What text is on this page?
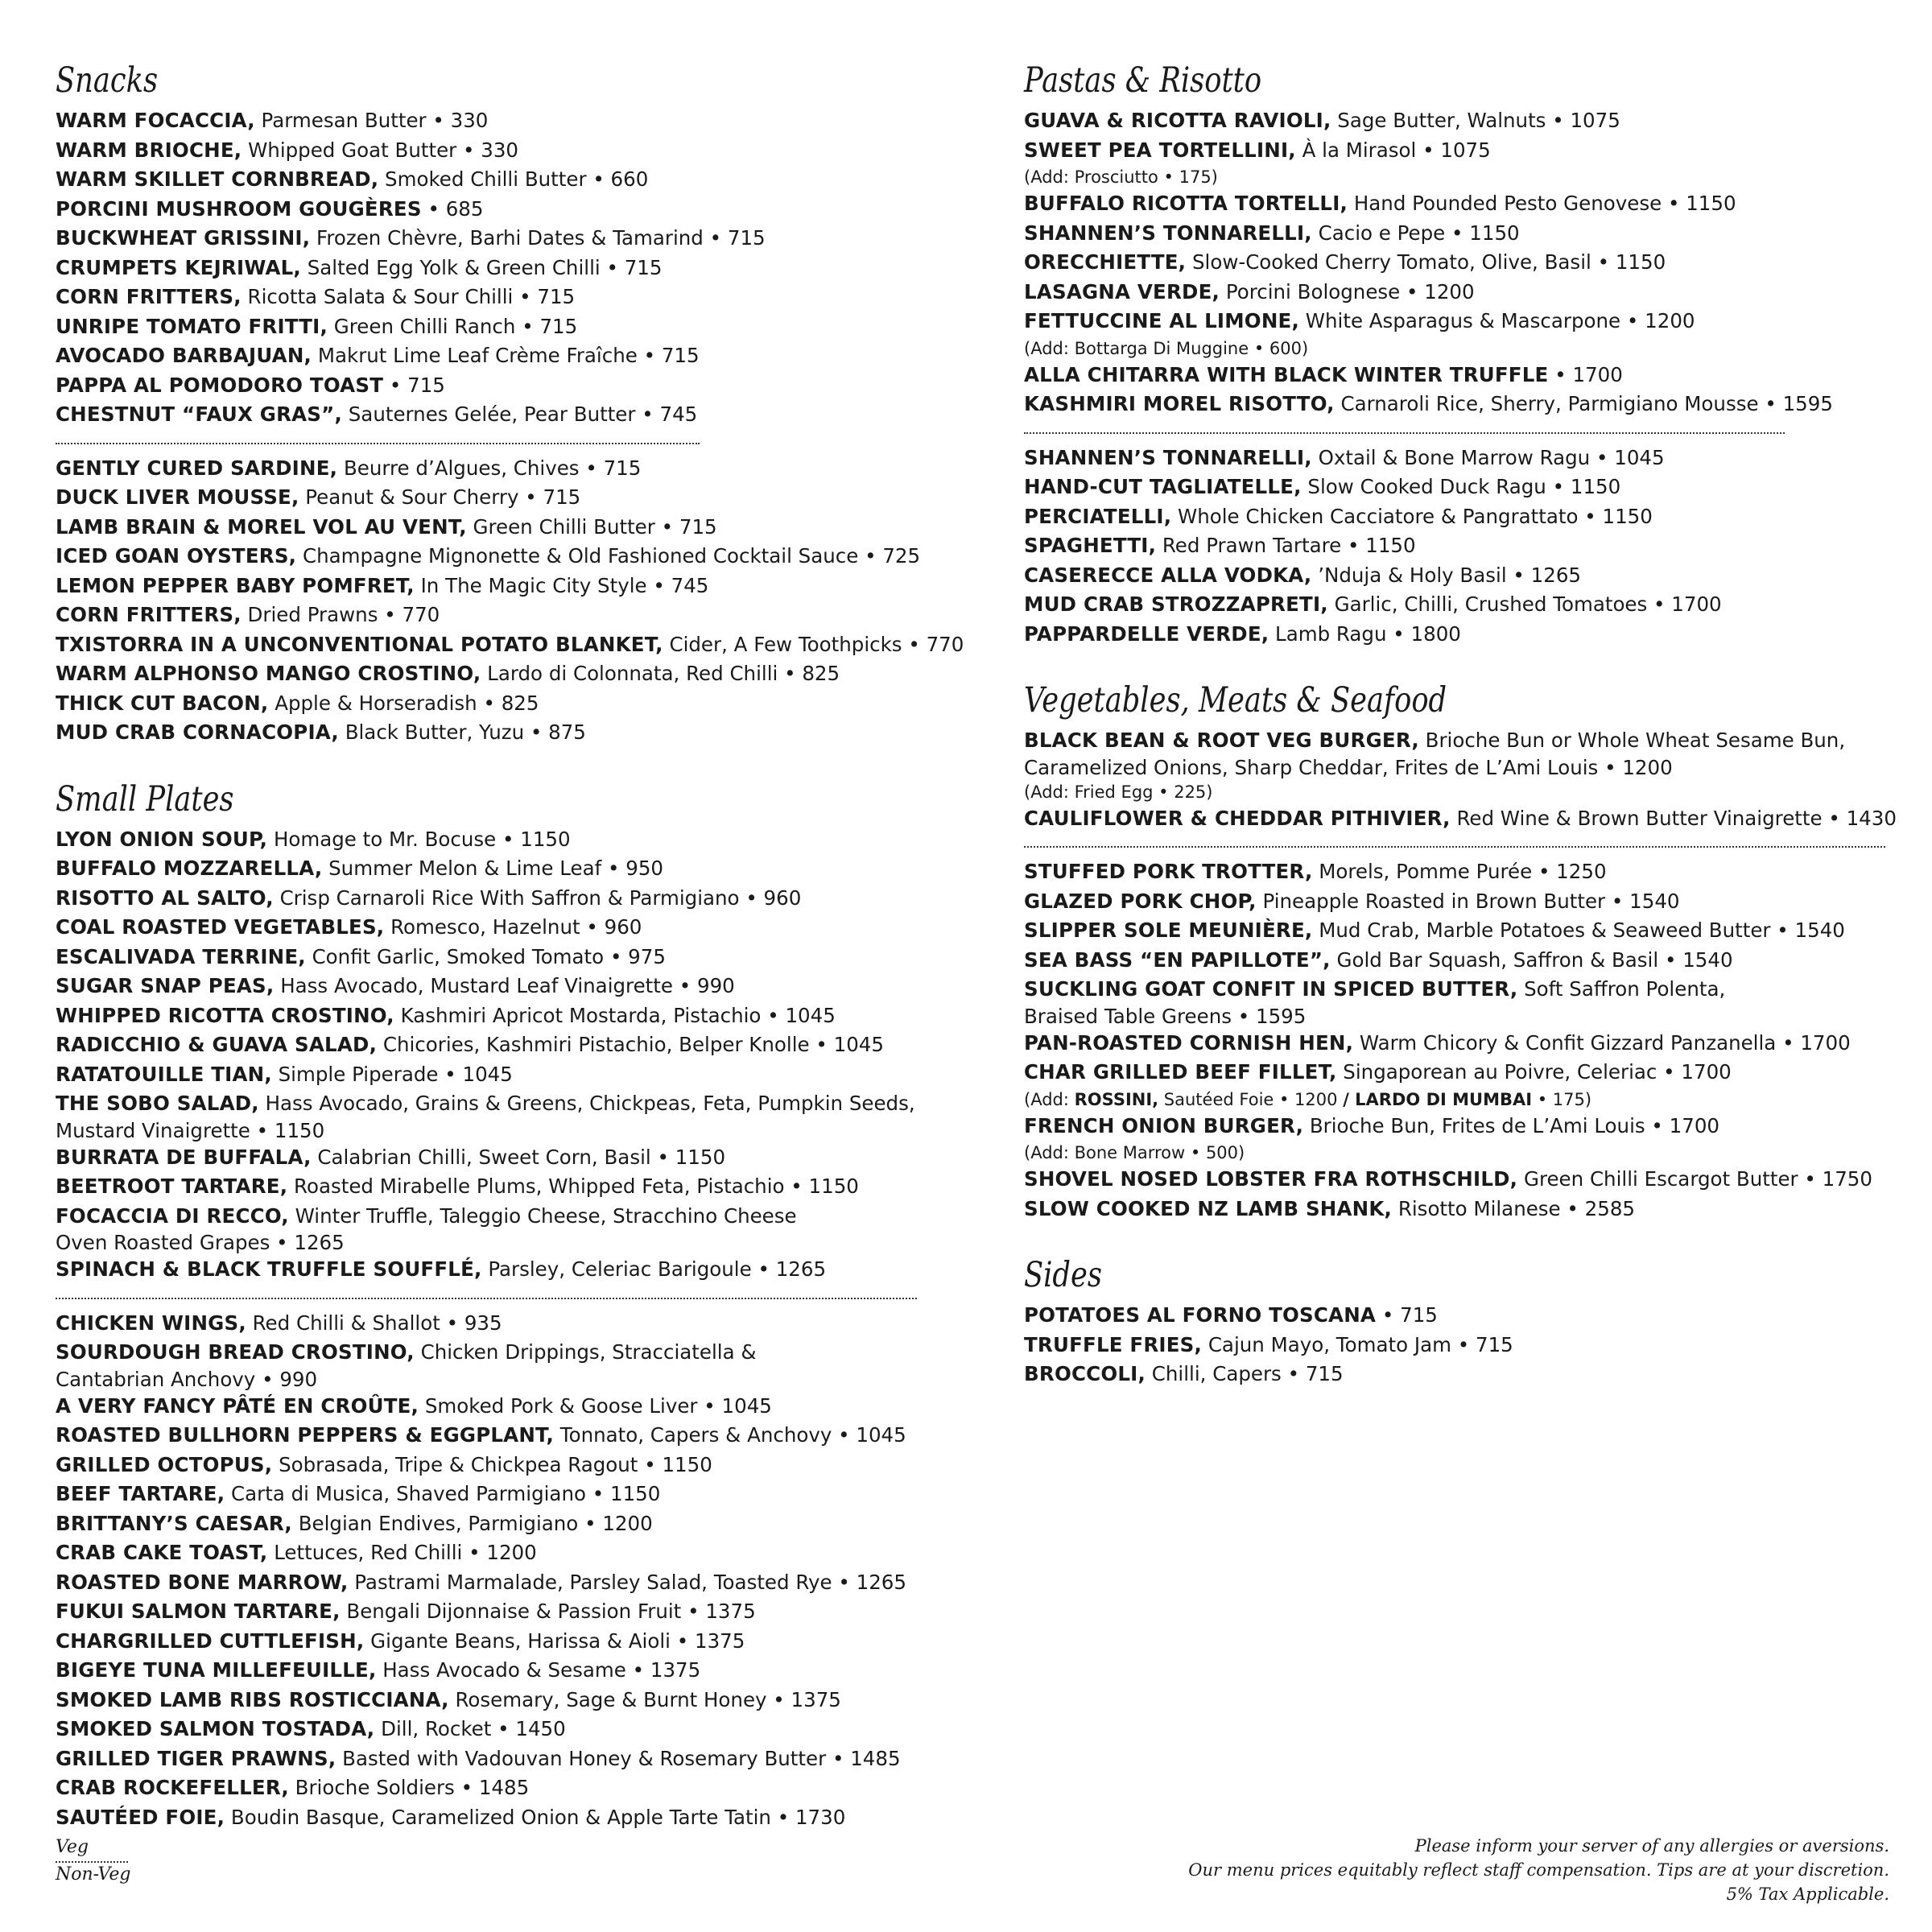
Snacks
WARM FOCACCIA, Parmesan Butter • 330
WARM BRIOCHE, Whipped Goat Butter • 330
WARM SKILLET CORNBREAD, Smoked Chilli Butter • 660
PORCINI MUSHROOM GOUGÈRES • 685
BUCKWHEAT GRISSINI, Frozen Chèvre, Barhi Dates & Tamarind • 715
CRUMPETS KEJRIWAL, Salted Egg Yolk & Green Chilli • 715
CORN FRITTERS, Ricotta Salata & Sour Chilli • 715
UNRIPE TOMATO FRITTI, Green Chilli Ranch • 715
AVOCADO BARBAJUAN, Makrut Lime Leaf Crème Fraîche • 715
PAPPA AL POMODORO TOAST • 715
CHESTNUT “FAUX GRAS”, Sauternes Gelée, Pear Butter • 745
GENTLY CURED SARDINE, Beurre d’Algues, Chives • 715
DUCK LIVER MOUSSE, Peanut & Sour Cherry • 715
LAMB BRAIN & MOREL VOL AU VENT, Green Chilli Butter • 715
ICED GOAN OYSTERS, Champagne Mignonette & Old Fashioned Cocktail Sauce • 725
LEMON PEPPER BABY POMFRET, In The Magic City Style • 745
CORN FRITTERS, Dried Prawns • 770
TXISTORRA IN A UNCONVENTIONAL POTATO BLANKET, Cider, A Few Toothpicks • 770
WARM ALPHONSO MANGO CROSTINO, Lardo di Colonnata, Red Chilli • 825
THICK CUT BACON, Apple & Horseradish • 825
MUD CRAB CORNACOPIA, Black Butter, Yuzu • 875
Small Plates
LYON ONION SOUP, Homage to Mr. Bocuse • 1150
BUFFALO MOZZARELLA, Summer Melon & Lime Leaf • 950
RISOTTO AL SALTO, Crisp Carnaroli Rice With Saffron & Parmigiano • 960
COAL ROASTED VEGETABLES, Romesco, Hazelnut • 960
ESCALIVADA TERRINE, Confit Garlic, Smoked Tomato • 975
SUGAR SNAP PEAS, Hass Avocado, Mustard Leaf Vinaigrette • 990
WHIPPED RICOTTA CROSTINO, Kashmiri Apricot Mostarda, Pistachio • 1045
RADICCHIO & GUAVA SALAD, Chicories, Kashmiri Pistachio, Belper Knolle • 1045
RATATOUILLE TIAN, Simple Piperade • 1045
THE SOBO SALAD, Hass Avocado, Grains & Greens, Chickpeas, Feta, Pumpkin Seeds,
Mustard Vinaigrette • 1150
BURRATA DE BUFFALA, Calabrian Chilli, Sweet Corn, Basil • 1150
BEETROOT TARTARE, Roasted Mirabelle Plums, Whipped Feta, Pistachio • 1150
FOCACCIA DI RECCO, Winter Truffle, Taleggio Cheese, Stracchino Cheese
Oven Roasted Grapes • 1265
SPINACH & BLACK TRUFFLE SOUFFLÉ, Parsley, Celeriac Barigoule • 1265
CHICKEN WINGS, Red Chilli & Shallot • 935
SOURDOUGH BREAD CROSTINO, Chicken Drippings, Stracciatella &
Cantabrian Anchovy • 990
A VERY FANCY PÂTÉ EN CROÛTE, Smoked Pork & Goose Liver • 1045
ROASTED BULLHORN PEPPERS & EGGPLANT, Tonnato, Capers & Anchovy • 1045
GRILLED OCTOPUS, Sobrasada, Tripe & Chickpea Ragout • 1150
BEEF TARTARE, Carta di Musica, Shaved Parmigiano • 1150
BRITTANY’S CAESAR, Belgian Endives, Parmigiano • 1200
CRAB CAKE TOAST, Lettuces, Red Chilli • 1200
ROASTED BONE MARROW, Pastrami Marmalade, Parsley Salad, Toasted Rye • 1265
FUKUI SALMON TARTARE, Bengali Dijonnaise & Passion Fruit • 1375
CHARGRILLED CUTTLEFISH, Gigante Beans, Harissa & Aioli • 1375
BIGEYE TUNA MILLEFEUILLE, Hass Avocado & Sesame • 1375
SMOKED LAMB RIBS ROSTICCIANA, Rosemary, Sage & Burnt Honey • 1375
SMOKED SALMON TOSTADA, Dill, Rocket • 1450
GRILLED TIGER PRAWNS, Basted with Vadouvan Honey & Rosemary Butter • 1485
CRAB ROCKEFELLER, Brioche Soldiers • 1485
SAUTÉED FOIE, Boudin Basque, Caramelized Onion & Apple Tarte Tatin • 1730
Pastas & Risotto
GUAVA & RICOTTA RAVIOLI, Sage Butter, Walnuts • 1075
SWEET PEA TORTELLINI, À la Mirasol • 1075
(Add: Prosciutto • 175)
BUFFALO RICOTTA TORTELLI, Hand Pounded Pesto Genovese • 1150
SHANNEN’S TONNARELLI, Cacio e Pepe • 1150
ORECCHIETTE, Slow-Cooked Cherry Tomato, Olive, Basil • 1150
LASAGNA VERDE, Porcini Bolognese • 1200
FETTUCCINE AL LIMONE, White Asparagus & Mascarpone • 1200
(Add: Bottarga Di Muggine • 600)
ALLA CHITARRA WITH BLACK WINTER TRUFFLE • 1700
KASHMIRI MOREL RISOTTO, Carnaroli Rice, Sherry, Parmigiano Mousse • 1595
SHANNEN’S TONNARELLI, Oxtail & Bone Marrow Ragu • 1045
HAND-CUT TAGLIATELLE, Slow Cooked Duck Ragu • 1150
PERCIATELLI, Whole Chicken Cacciatore & Pangrattato • 1150
SPAGHETTI, Red Prawn Tartare • 1150
CASERECCE ALLA VODKA, ’Nduja & Holy Basil • 1265
MUD CRAB STROZZAPRETI, Garlic, Chilli, Crushed Tomatoes • 1700
PAPPARDELLE VERDE, Lamb Ragu • 1800
Vegetables, Meats & Seafood
BLACK BEAN & ROOT VEG BURGER, Brioche Bun or Whole Wheat Sesame Bun,
Caramelized Onions, Sharp Cheddar, Frites de L’Ami Louis • 1200
(Add: Fried Egg • 225)
CAULIFLOWER & CHEDDAR PITHIVIER, Red Wine & Brown Butter Vinaigrette • 1430
STUFFED PORK TROTTER, Morels, Pomme Purée • 1250
GLAZED PORK CHOP, Pineapple Roasted in Brown Butter • 1540
SLIPPER SOLE MEUNIÈRE, Mud Crab, Marble Potatoes & Seaweed Butter • 1540
SEA BASS “EN PAPILLOTE”, Gold Bar Squash, Saffron & Basil • 1540
SUCKLING GOAT CONFIT IN SPICED BUTTER, Soft Saffron Polenta,
Braised Table Greens • 1595
PAN-ROASTED CORNISH HEN, Warm Chicory & Confit Gizzard Panzanella • 1700
CHAR GRILLED BEEF FILLET, Singaporean au Poivre, Celeriac • 1700
(Add: ROSSINI, Sautéed Foie • 1200 / LARDO DI MUMBAI • 175)
FRENCH ONION BURGER, Brioche Bun, Frites de L’Ami Louis • 1700
(Add: Bone Marrow • 500)
SHOVEL NOSED LOBSTER FRA ROTHSCHILD, Green Chilli Escargot Butter • 1750
SLOW COOKED NZ LAMB SHANK, Risotto Milanese • 2585
Sides
POTATOES AL FORNO TOSCANA • 715
TRUFFLE FRIES, Cajun Mayo, Tomato Jam • 715
BROCCOLI, Chilli, Capers • 715
Veg
Non-Veg
Please inform your server of any allergies or aversions.
Our menu prices equitably reflect staff compensation. Tips are at your discretion.
5% Tax Applicable.
